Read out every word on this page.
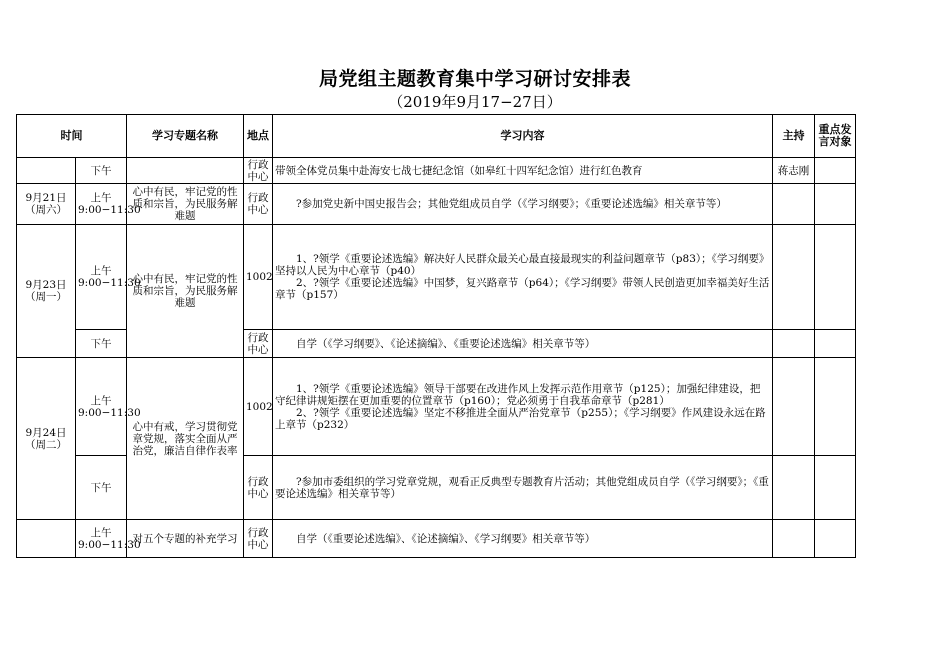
局党组主题教育集中学习研讨安排表
（2019年9月17−27日）
时间		学习专题名称	地点	学习内容	主持	重点发言对象
	下午		行政中心	带领全体党员集中赴海安七战七捷纪念馆（如皋红十四军纪念馆）进行红色教育	蒋志刚	
9月21日（周六）	上午9:00−11:30	心中有民，牢记党的性质和宗旨，为民服务解难题	行政中心	?参加党史新中国史报告会；其他党组成员自学（《学习纲要》；《重要论述选编》相关章节等）		

9月23日（周一）	上午9:00−11:30	心中有民，牢记党的性质和宗旨，为民服务解难题	1002	1、?领学《重要论述选编》解决好人民群众最关心最直接最现实的利益问题章节（p83）；《学习纲要》坚持以人民为中心章节（p40）
2、?领学《重要论述选编》中国梦，复兴路章节（p64）；《学习纲要》带领人民创造更加幸福美好生活章节（p157）		

	下午		行政中心	自学（《学习纲要》、《论述摘编》、《重要论述选编》相关章节等）		

9月24日（周二）	上午9:00−11:30	心中有戒，学习贯彻党章党规，落实全面从严治党，廉洁自律作表率	1002	1、?领学《重要论述选编》领导干部要在改进作风上发挥示范作用章节（p125）；加强纪律建设，把守纪律讲规矩摆在更加重要的位置章节（p160）；党必须勇于自我革命章节（p281）
2、?领学《重要论述选编》坚定不移推进全面从严治党章节（p255）；《学习纲要》作风建设永远在路上章节（p232）		

	下午		行政中心	?参加市委组织的学习党章党规，观看正反典型专题教育片活动；其他党组成员自学（《学习纲要》；《重要论述选编》相关章节等）		

	上午9:00−11:30	对五个专题的补充学习	行政中心	自学（《重要论述选编》、《论述摘编》、《学习纲要》相关章节等）		
